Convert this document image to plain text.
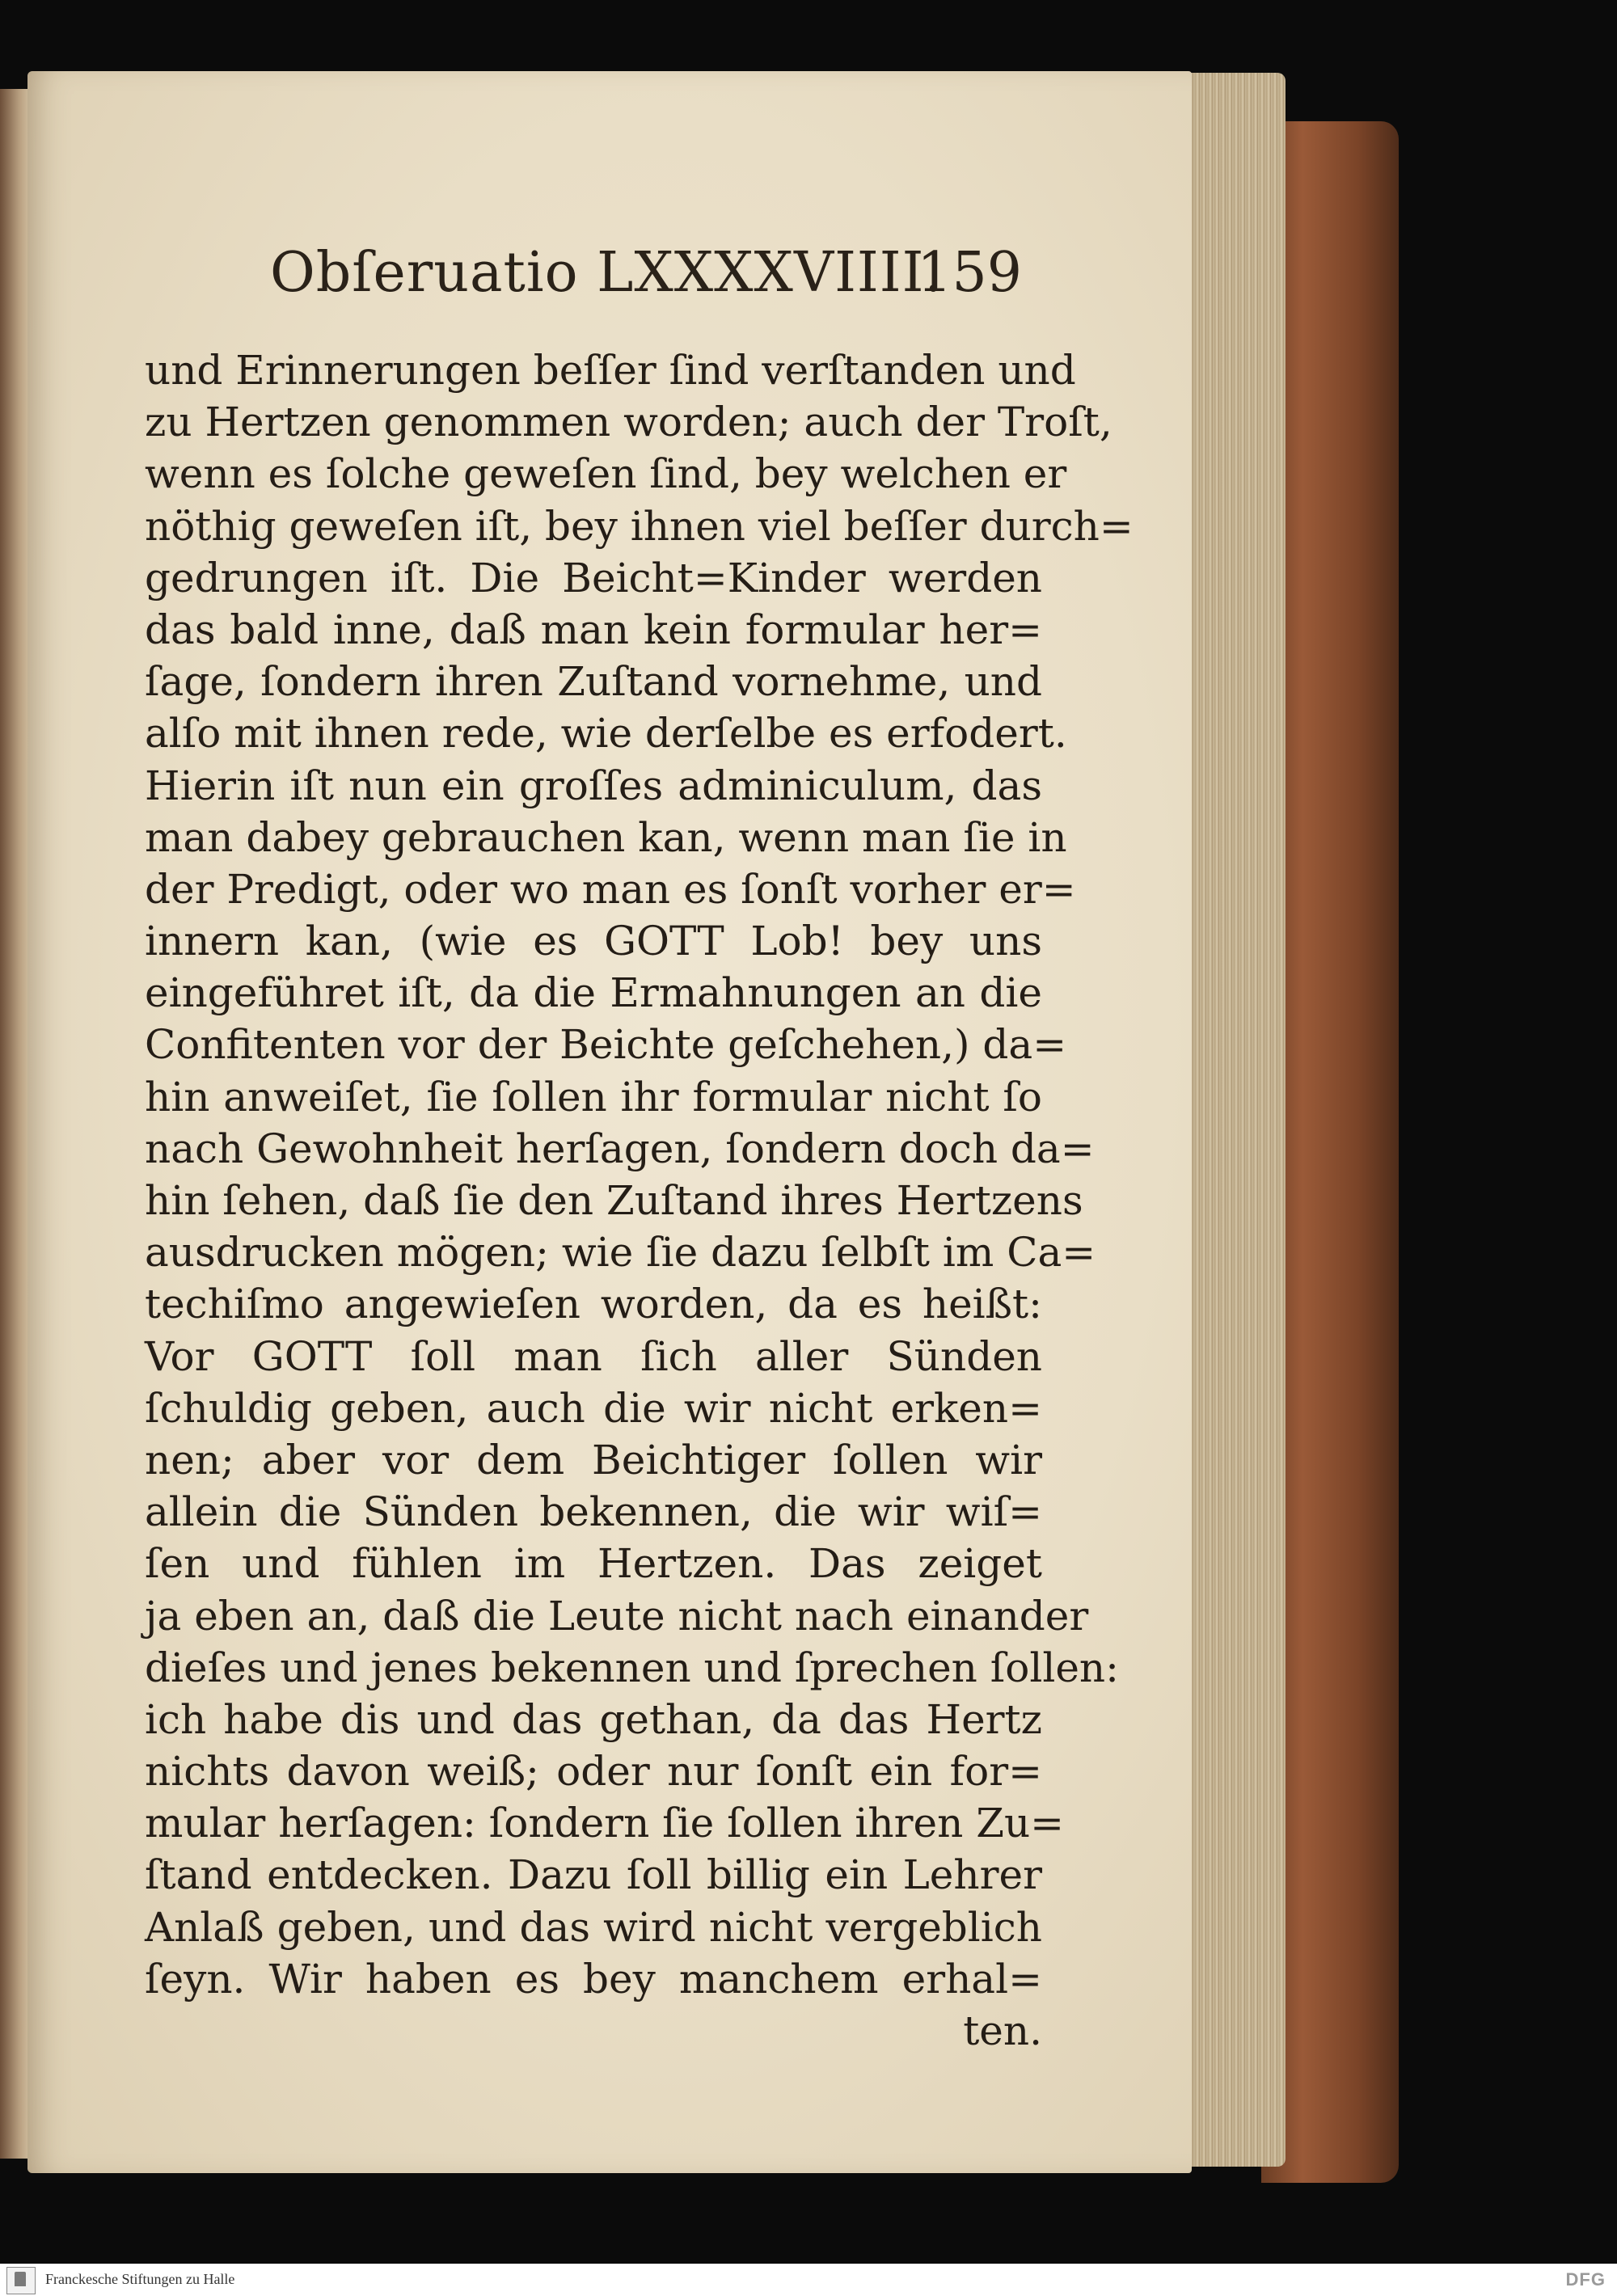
Obſeruatio LXXXXVIIII.
159
und Erinnerungen beſſer ſind verſtanden und
zu Hertzen genommen worden; auch der Troſt,
wenn es ſolche geweſen ſind, bey welchen er
nöthig geweſen iſt, bey ihnen viel beſſer durch=
gedrungen iſt. Die Beicht=Kinder werden
das bald inne, daß man kein formular her=
ſage, ſondern ihren Zuſtand vornehme, und
alſo mit ihnen rede, wie derſelbe es erfodert.
Hierin iſt nun ein groſſes adminiculum, das
man dabey gebrauchen kan, wenn man ſie in
der Predigt, oder wo man es ſonſt vorher er=
innern kan, (wie es GOTT Lob! bey uns
eingeführet iſt, da die Ermahnungen an die
Confitenten vor der Beichte geſchehen,) da=
hin anweiſet, ſie ſollen ihr formular nicht ſo
nach Gewohnheit herſagen, ſondern doch da=
hin ſehen, daß ſie den Zuſtand ihres Hertzens
ausdrucken mögen; wie ſie dazu ſelbſt im Ca=
techiſmo angewieſen worden, da es heißt:
Vor GOTT ſoll man ſich aller Sünden
ſchuldig geben, auch die wir nicht erken=
nen; aber vor dem Beichtiger ſollen wir
allein die Sünden bekennen, die wir wiſ=
ſen und fühlen im Hertzen. Das zeiget
ja eben an, daß die Leute nicht nach einander
dieſes und jenes bekennen und ſprechen ſollen:
ich habe dis und das gethan, da das Hertz
nichts davon weiß; oder nur ſonſt ein for=
mular herſagen: ſondern ſie ſollen ihren Zu=
ſtand entdecken. Dazu ſoll billig ein Lehrer
Anlaß geben, und das wird nicht vergeblich
ſeyn. Wir haben es bey manchem erhal=
ten.
Franckesche Stiftungen zu Halle	DFG
